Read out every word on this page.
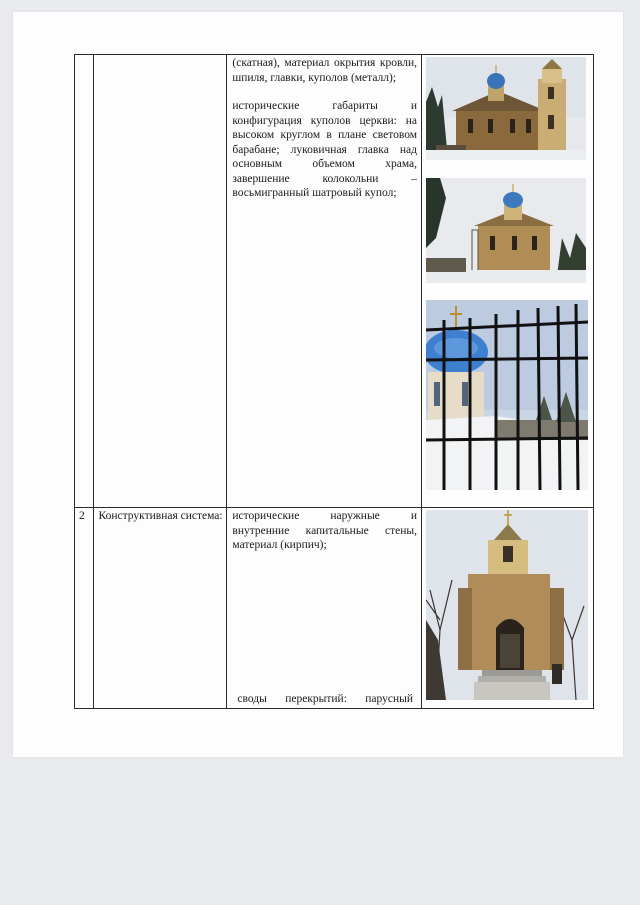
		(скатная), материал окрытия кровли, шпиля, главки, куполов (металл);

исторические габариты и конфигурация куполов церкви: на высоком круглом в плане световом барабане; луковичная главка над основным объемом храма, завершение колокольни – восьмигранный шатровый купол;

2	Конструктивная система:	исторические наружные и внутренние капитальные стены, материал (кирпич);

своды перекрытий: парусный
